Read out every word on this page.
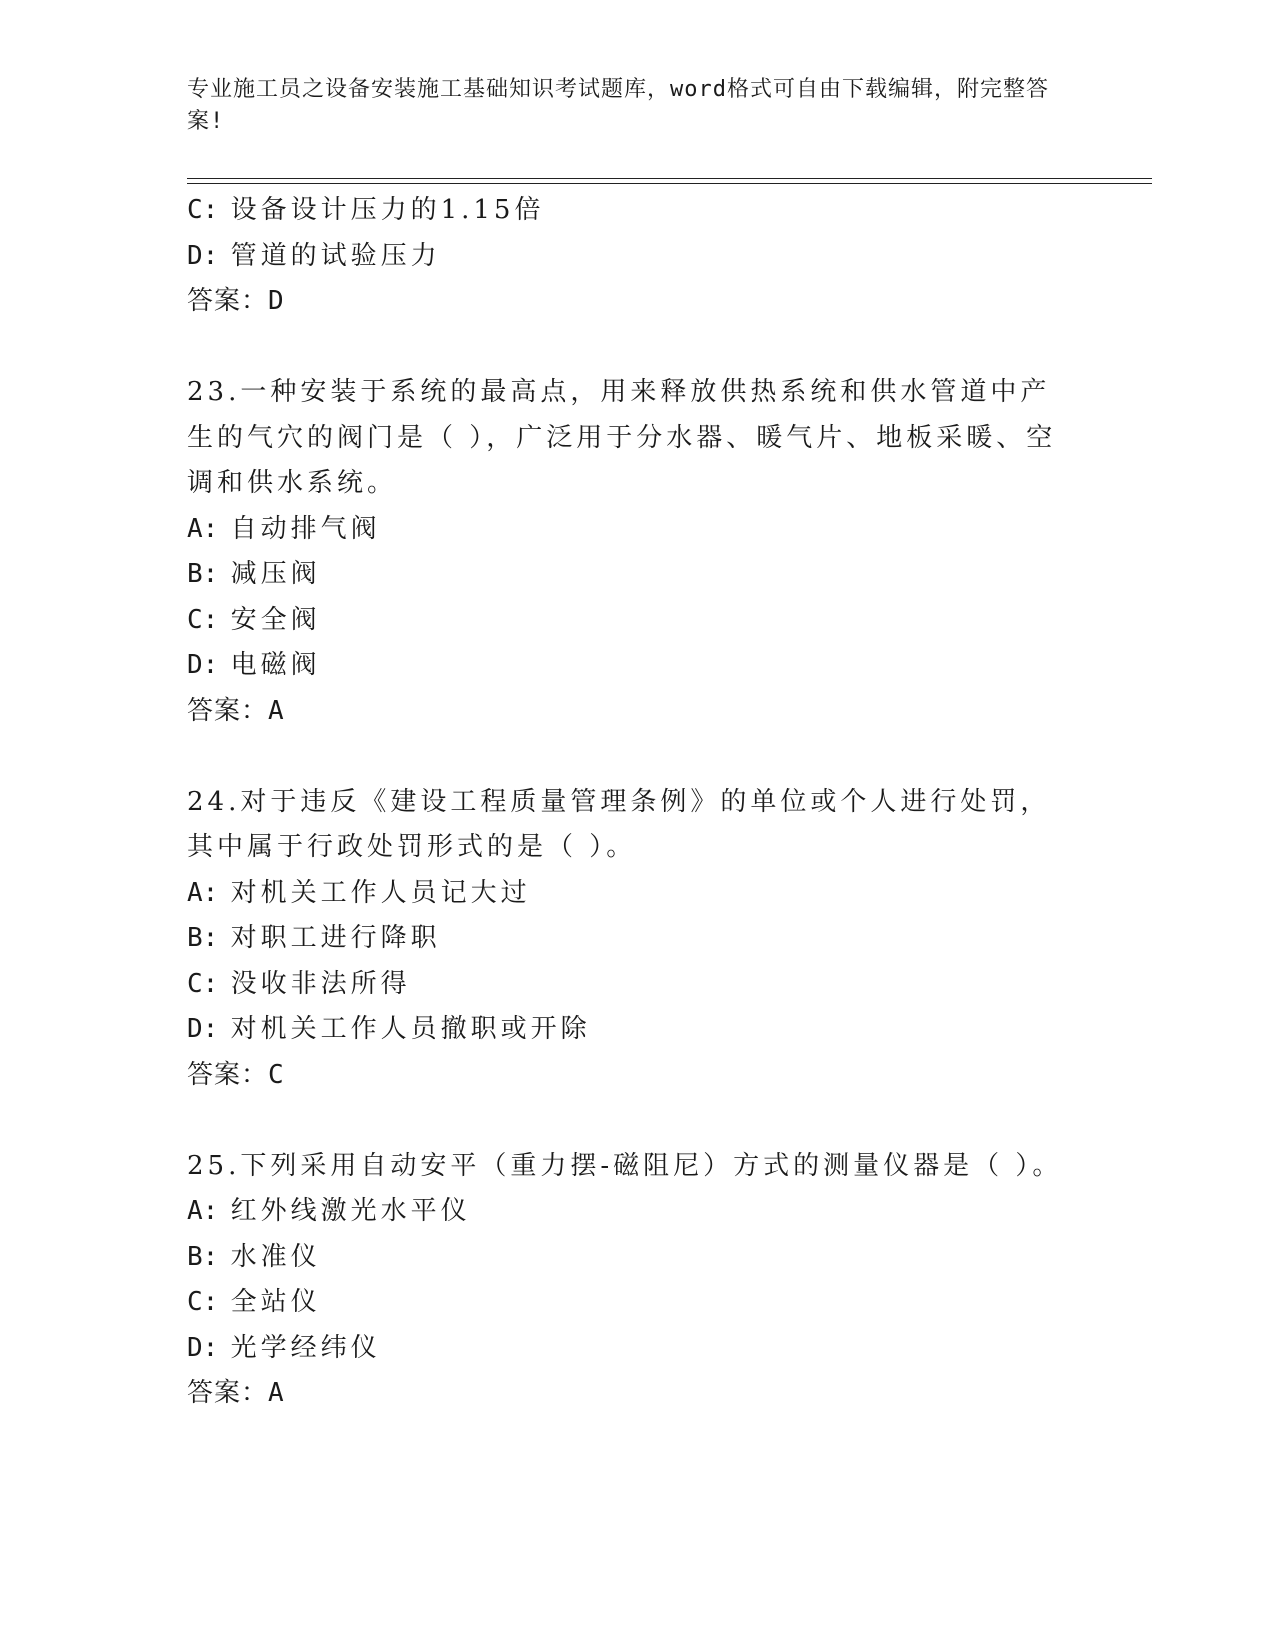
专业施工员之设备安装施工基础知识考试题库，word格式可自由下载编辑，附完整答案!
C: 设备设计压力的1.15倍
D: 管道的试验压力
答案：D
23.一种安装于系统的最高点，用来释放供热系统和供水管道中产生的气穴的阀门是（ ），广泛用于分水器、暖气片、地板采暖、空调和供水系统。
A: 自动排气阀
B: 减压阀
C: 安全阀
D: 电磁阀
答案：A
24.对于违反《建设工程质量管理条例》的单位或个人进行处罚，其中属于行政处罚形式的是（ ）。
A: 对机关工作人员记大过
B: 对职工进行降职
C: 没收非法所得
D: 对机关工作人员撤职或开除
答案：C
25.下列采用自动安平（重力摆-磁阻尼）方式的测量仪器是（ ）。
A: 红外线激光水平仪
B: 水准仪
C: 全站仪
D: 光学经纬仪
答案：A
